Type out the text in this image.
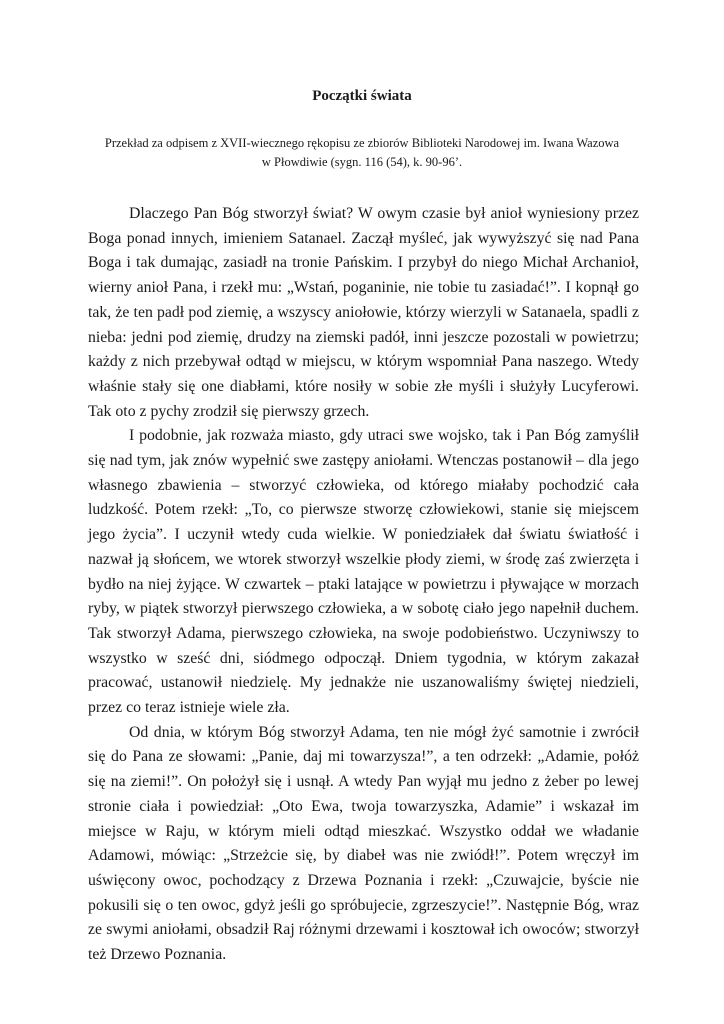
Początki świata
Przekład za odpisem z XVII-wiecznego rękopisu ze zbiorów Biblioteki Narodowej im. Iwana Wazowa
w Płowdiwie (sygn. 116 (54), k. 90-96’.

Dlaczego Pan Bóg stworzył świat? W owym czasie był anioł wyniesiony przez Boga ponad innych, imieniem Satanael. Zaczął myśleć, jak wywyższyć się nad Pana Boga i tak dumając, zasiadł na tronie Pańskim. I przybył do niego Michał Archanioł, wierny anioł Pana, i rzekł mu: „Wstań, poganinie, nie tobie tu zasiadać!”. I kopnął go tak, że ten padł pod ziemię, a wszyscy aniołowie, którzy wierzyli w Satanaela, spadli z nieba: jedni pod ziemię, drudzy na ziemski padół, inni jeszcze pozostali w powietrzu; każdy z nich przebywał odtąd w miejscu, w którym wspomniał Pana naszego. Wtedy właśnie stały się one diabłami, które nosiły w sobie złe myśli i służyły Lucyferowi. Tak oto z pychy zrodził się pierwszy grzech.

I podobnie, jak rozważa miasto, gdy utraci swe wojsko, tak i Pan Bóg zamyślił się nad tym, jak znów wypełnić swe zastępy aniołami. Wtenczas postanowił – dla jego własnego zbawienia – stworzyć człowieka, od którego miałaby pochodzić cała ludzkość. Potem rzekł: „To, co pierwsze stworzę człowiekowi, stanie się miejscem jego życia”. I uczynił wtedy cuda wielkie. W poniedziałek dał światu światłość i nazwał ją słońcem, we wtorek stworzył wszelkie płody ziemi, w środę zaś zwierzęta i bydło na niej żyjące. W czwartek – ptaki latające w powietrzu i pływające w morzach ryby, w piątek stworzył pierwszego człowieka, a w sobotę ciało jego napełnił duchem. Tak stworzył Adama, pierwszego człowieka, na swoje podobieństwo. Uczyniwszy to wszystko w sześć dni, siódmego odpoczął. Dniem tygodnia, w którym zakazał pracować, ustanowił niedzielę. My jednakże nie uszanowaliśmy świętej niedzieli, przez co teraz istnieje wiele zła.

Od dnia, w którym Bóg stworzył Adama, ten nie mógł żyć samotnie i zwrócił się do Pana ze słowami: „Panie, daj mi towarzysza!”, a ten odrzekł: „Adamie, połóż się na ziemi!”. On położył się i usnął. A wtedy Pan wyjął mu jedno z żeber po lewej stronie ciała i powiedział: „Oto Ewa, twoja towarzyszka, Adamie” i wskazał im miejsce w Raju, w którym mieli odtąd mieszkać. Wszystko oddał we władanie Adamowi, mówiąc: „Strzeżcie się, by diabeł was nie zwiódł!”. Potem wręczył im uświęcony owoc, pochodzący z Drzewa Poznania i rzekł: „Czuwajcie, byście nie pokusili się o ten owoc, gdyż jeśli go spróbujecie, zgrzeszycie!”. Następnie Bóg, wraz ze swymi aniołami, obsadził Raj różnymi drzewami i kosztował ich owoców; stworzył też Drzewo Poznania.
